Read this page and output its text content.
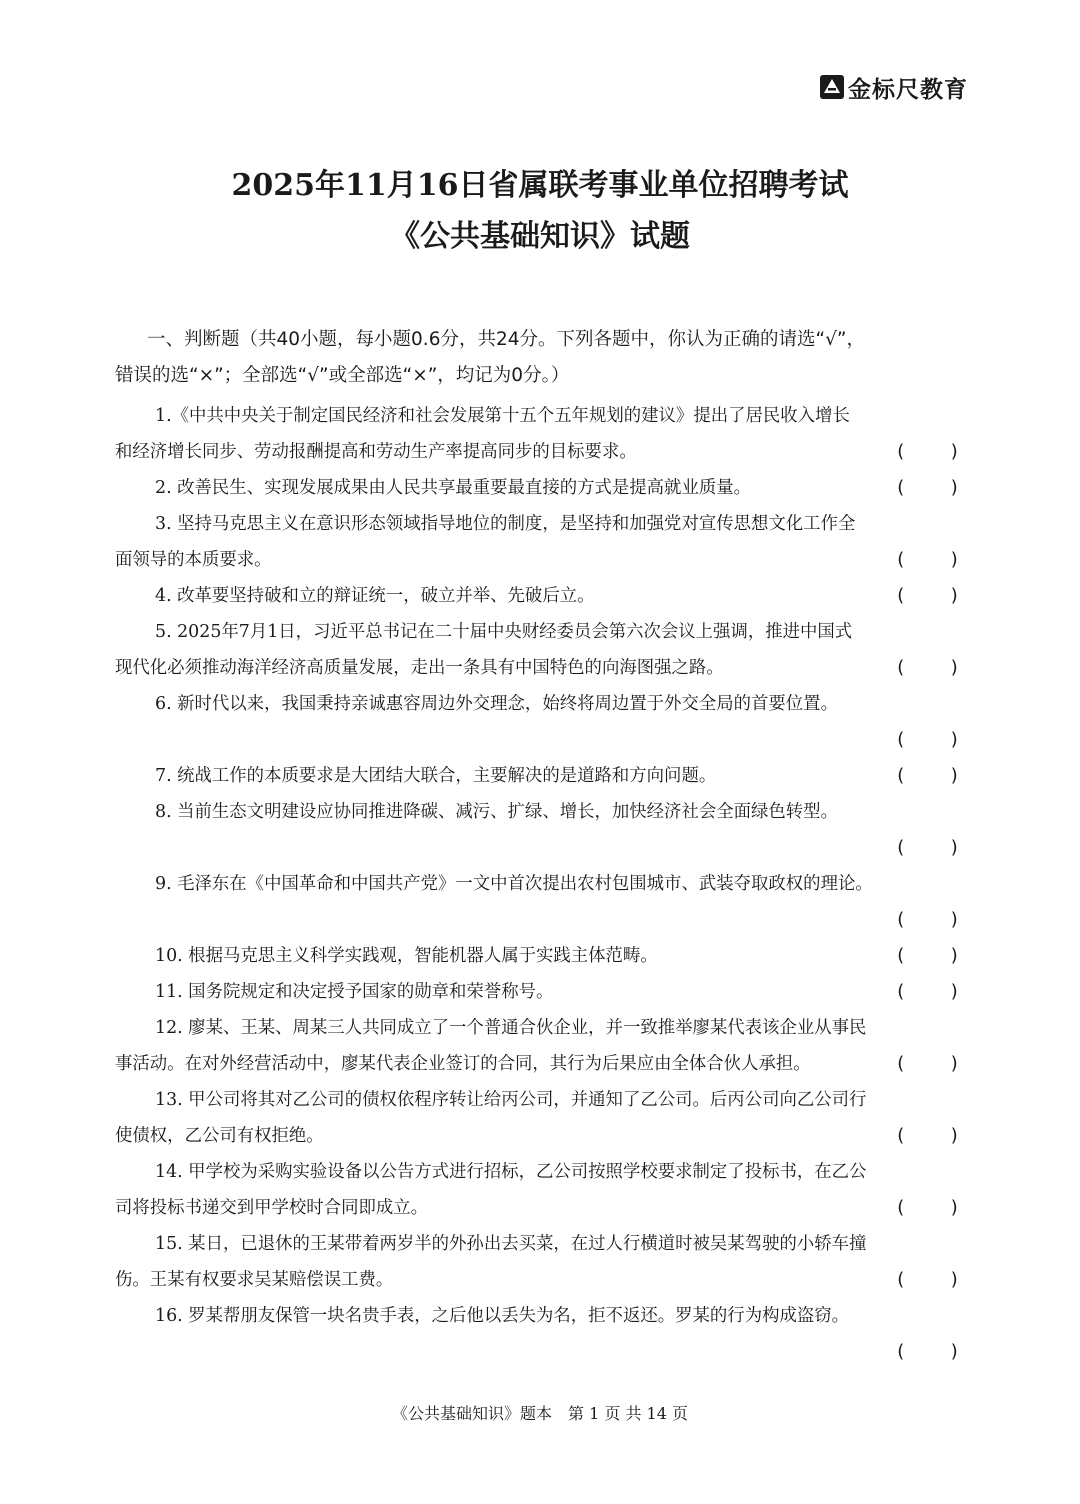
金标尺教育
2025年11月16日省属联考事业单位招聘考试
《公共基础知识》试题
一、判断题（共40小题，每小题0.6分，共24分。下列各题中，你认为正确的请选“√”，
错误的选“×”；全部选“√”或全部选“×”，均记为0分。）
1.《中共中央关于制定国民经济和社会发展第十五个五年规划的建议》提出了居民收入增长
和经济增长同步、劳动报酬提高和劳动生产率提高同步的目标要求。	(    )
2. 改善民生、实现发展成果由人民共享最重要最直接的方式是提高就业质量。	(    )
3. 坚持马克思主义在意识形态领域指导地位的制度，是坚持和加强党对宣传思想文化工作全
面领导的本质要求。	(    )
4. 改革要坚持破和立的辩证统一，破立并举、先破后立。	(    )
5. 2025年7月1日，习近平总书记在二十届中央财经委员会第六次会议上强调，推进中国式
现代化必须推动海洋经济高质量发展，走出一条具有中国特色的向海图强之路。	(    )
6. 新时代以来，我国秉持亲诚惠容周边外交理念，始终将周边置于外交全局的首要位置。
(    )
7. 统战工作的本质要求是大团结大联合，主要解决的是道路和方向问题。	(    )
8. 当前生态文明建设应协同推进降碳、减污、扩绿、增长，加快经济社会全面绿色转型。
(    )
9. 毛泽东在《中国革命和中国共产党》一文中首次提出农村包围城市、武装夺取政权的理论。
(    )
10. 根据马克思主义科学实践观，智能机器人属于实践主体范畴。	(    )
11. 国务院规定和决定授予国家的勋章和荣誉称号。	(    )
12. 廖某、王某、周某三人共同成立了一个普通合伙企业，并一致推举廖某代表该企业从事民
事活动。在对外经营活动中，廖某代表企业签订的合同，其行为后果应由全体合伙人承担。	(    )
13. 甲公司将其对乙公司的债权依程序转让给丙公司，并通知了乙公司。后丙公司向乙公司行
使债权，乙公司有权拒绝。	(    )
14. 甲学校为采购实验设备以公告方式进行招标，乙公司按照学校要求制定了投标书，在乙公
司将投标书递交到甲学校时合同即成立。	(    )
15. 某日，已退休的王某带着两岁半的外孙出去买菜，在过人行横道时被吴某驾驶的小轿车撞
伤。王某有权要求吴某赔偿误工费。	(    )
16. 罗某帮朋友保管一块名贵手表，之后他以丢失为名，拒不返还。罗某的行为构成盗窃。
(    )
《公共基础知识》题本　第 1 页 共 14 页
